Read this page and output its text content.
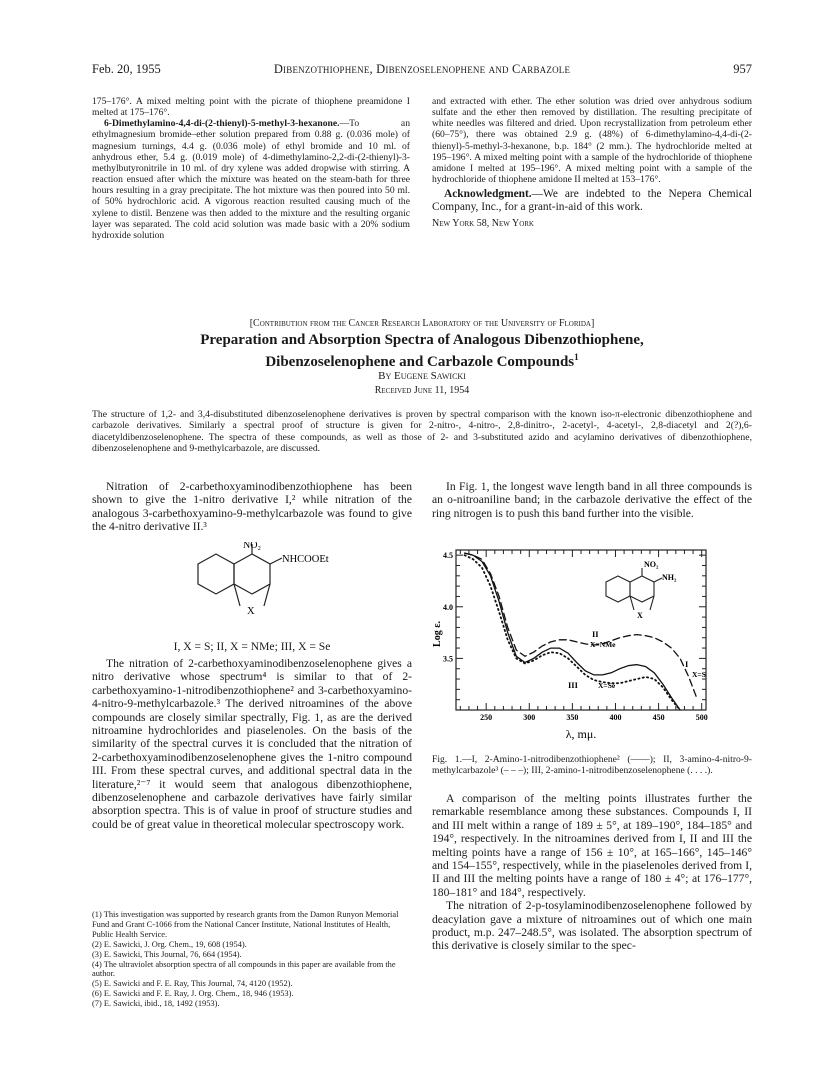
Feb. 20, 1955	Dibenzothiophene, Dibenzoselenophene and Carbazole	957

175–176°. A mixed melting point with the picrate of thiophene preamidone I melted at 175–176°.

6-Dimethylamino-4,4-di-(2-thienyl)-5-methyl-3-hexanone.—To an ethylmagnesium bromide–ether solution prepared from 0.88 g. (0.036 mole) of magnesium turnings, 4.4 g. (0.036 mole) of ethyl bromide and 10 ml. of anhydrous ether, 5.4 g. (0.019 mole) of 4-dimethylamino-2,2-di-(2-thienyl)-3-methylbutyronitrile in 10 ml. of dry xylene was added dropwise with stirring. A reaction ensued after which the mixture was heated on the steam-bath for three hours resulting in a gray precipitate. The hot mixture was then poured into 50 ml. of 50% hydrochloric acid. A vigorous reaction resulted causing much of the xylene to distil. Benzene was then added to the mixture and the resulting organic layer was separated. The cold acid solution was made basic with a 20% sodium hydroxide solution

and extracted with ether. The ether solution was dried over anhydrous sodium sulfate and the ether then removed by distillation. The resulting precipitate of white needles was filtered and dried. Upon recrystallization from petroleum ether (60–75°), there was obtained 2.9 g. (48%) of 6-dimethylamino-4,4-di-(2-thienyl)-5-methyl-3-hexanone, b.p. 184° (2 mm.). The hydrochloride melted at 195–196°. A mixed melting point with a sample of the hydrochloride of thiophene amidone I melted at 195–196°. A mixed melting point with a sample of the hydrochloride of thiophene amidone II melted at 153–176°.

Acknowledgment.—We are indebted to the Nepera Chemical Company, Inc., for a grant-in-aid of this work.

New York 58, New York

[Contribution from the Cancer Research Laboratory of the University of Florida]
Preparation and Absorption Spectra of Analogous Dibenzothiophene,
Dibenzoselenophene and Carbazole Compounds$^1$
By Eugene Sawicki
Received June 11, 1954
The structure of 1,2- and 3,4-disubstituted dibenzoselenophene derivatives is proven by spectral comparison with the known iso-π-electronic dibenzothiophene and carbazole derivatives. Similarly a spectral proof of structure is given for 2-nitro-, 4-nitro-, 2,8-dinitro-, 2-acetyl-, 4-acetyl-, 2,8-diacetyl and 2(?),6-diacetyldibenzoselenophene. The spectra of these compounds, as well as those of 2- and 3-substituted azido and acylamino derivatives of dibenzothiophene, dibenzoselenophene and 9-methylcarbazole, are discussed.

Nitration of 2-carbethoxyaminodibenzothiophene has been shown to give the 1-nitro derivative I,² while nitration of the analogous 3-carbethoxyamino-9-methylcarbazole was found to give the 4-nitro derivative II.³

NO₂
NHCOOEt
X
I, X = S; II, X = NMe; III, X = Se

The nitration of 2-carbethoxyaminodibenzoselenophene gives a nitro derivative whose spectrum⁴ is similar to that of 2-carbethoxyamino-1-nitrodibenzothiophene² and 3-carbethoxyamino-4-nitro-9-methylcarbazole.³ The derived nitroamines of the above compounds are closely similar spectrally, Fig. 1, as are the derived nitroamine hydrochlorides and piaselenoles. On the basis of the similarity of the spectral curves it is concluded that the nitration of 2-carbethoxyaminodibenzoselenophene gives the 1-nitro compound III. From these spectral curves, and additional spectral data in the literature,²⁻⁷ it would seem that analogous dibenzothiophene, dibenzoselenophene and carbazole derivatives have fairly similar absorption spectra. This is of value in proof of structure studies and could be of great value in theoretical molecular spectroscopy work.

(1) This investigation was supported by research grants from the Damon Runyon Memorial Fund and Grant C-1066 from the National Cancer Institute, National Institutes of Health, Public Health Service.

(2) E. Sawicki, J. Org. Chem., 19, 608 (1954).

(3) E. Sawicki, This Journal, 76, 664 (1954).

(4) The ultraviolet absorption spectra of all compounds in this paper are available from the author.

(5) E. Sawicki and F. E. Ray, This Journal, 74, 4120 (1952).

(6) E. Sawicki and F. E. Ray, J. Org. Chem., 18, 946 (1953).

(7) E. Sawicki, ibid., 18, 1492 (1953).

In Fig. 1, the longest wave length band in all three compounds is an o-nitroaniline band; in the carbazole derivative the effect of the ring nitrogen is to push this band further into the visible.

I
X=S
II
X=NMe
III	X=Se
3.5
4.0
4.5
250	300	350	400	450	500
NO₂
NH₂
X
Log ε.
λ, mμ.
Fig. 1.—I, 2-Amino-1-nitrodibenzothiophene² (——); II, 3-amino-4-nitro-9-methylcarbazole³ (– – –); III, 2-amino-1-nitrodibenzoselenophene (. . . .).

A comparison of the melting points illustrates further the remarkable resemblance among these substances. Compounds I, II and III melt within a range of 189 ± 5°, at 189–190°, 184–185° and 194°, respectively. In the nitroamines derived from I, II and III the melting points have a range of 156 ± 10°, at 165–166°, 145–146° and 154–155°, respectively, while in the piaselenoles derived from I, II and III the melting points have a range of 180 ± 4°; at 176–177°, 180–181° and 184°, respectively.

The nitration of 2-p-tosylaminodibenzoselenophene followed by deacylation gave a mixture of nitroamines out of which one main product, m.p. 247–248.5°, was isolated. The absorption spectrum of this derivative is closely similar to the spec-
